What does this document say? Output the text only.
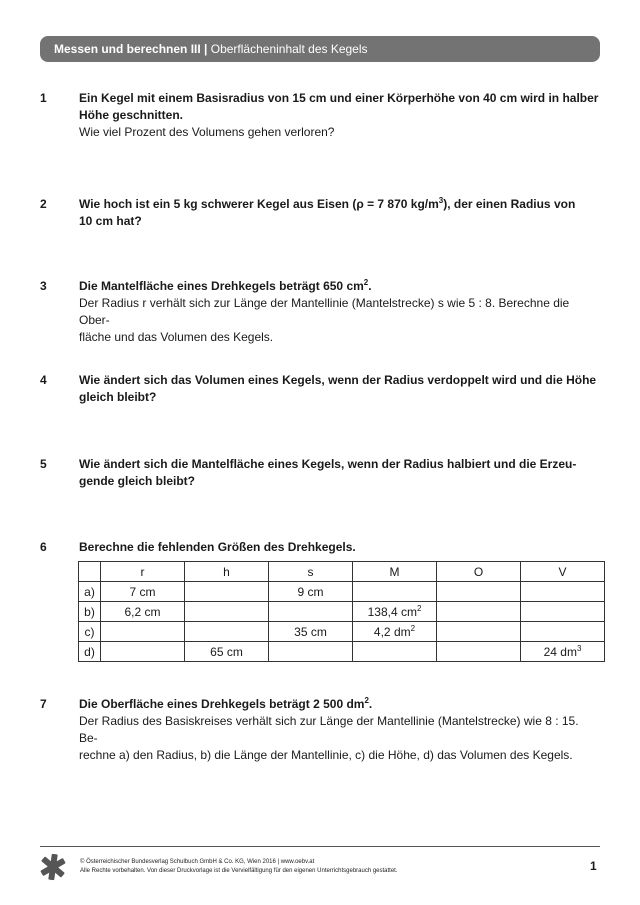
Messen und berechnen III | Oberflächeninhalt des Kegels
1	Ein Kegel mit einem Basisradius von 15 cm und einer Körperhöhe von 40 cm wird in halber
Höhe geschnitten.
Wie viel Prozent des Volumens gehen verloren?
2	Wie hoch ist ein 5 kg schwerer Kegel aus Eisen (ρ = 7 870 $kg/m^3$), der einen Radius von
10 cm hat?
3	Die Mantelfläche eines Drehkegels beträgt 650 $cm^2$.
Der Radius r verhält sich zur Länge der Mantellinie (Mantelstrecke) s wie 5 : 8. Berechne die Ober-
fläche und das Volumen des Kegels.
4	Wie ändert sich das Volumen eines Kegels, wenn der Radius verdoppelt wird und die Höhe
gleich bleibt?
5	Wie ändert sich die Mantelfläche eines Kegels, wenn der Radius halbiert und die Erzeu-
gende gleich bleibt?
6	Berechne die fehlenden Größen des Drehkegels.
	r	h	s	M	O	V
a)	7 cm		9 cm			
b)	6,2 cm			138,4 $cm^2$		
c)			35 cm	4,2 $dm^2$		
d)		65 cm				24 $dm^3$
7	Die Oberfläche eines Drehkegels beträgt 2 500 $dm^2$.
Der Radius des Basiskreises verhält sich zur Länge der Mantellinie (Mantelstrecke) wie 8 : 15. Be-
rechne a) den Radius, b) die Länge der Mantellinie, c) die Höhe, d) das Volumen des Kegels.
© Österreichischer Bundesverlag Schulbuch GmbH & Co. KG, Wien 2016 | www.oebv.at
Alle Rechte vorbehalten. Von dieser Druckvorlage ist die Vervielfältigung für den eigenen Unterrichtsgebrauch gestattet.	1
